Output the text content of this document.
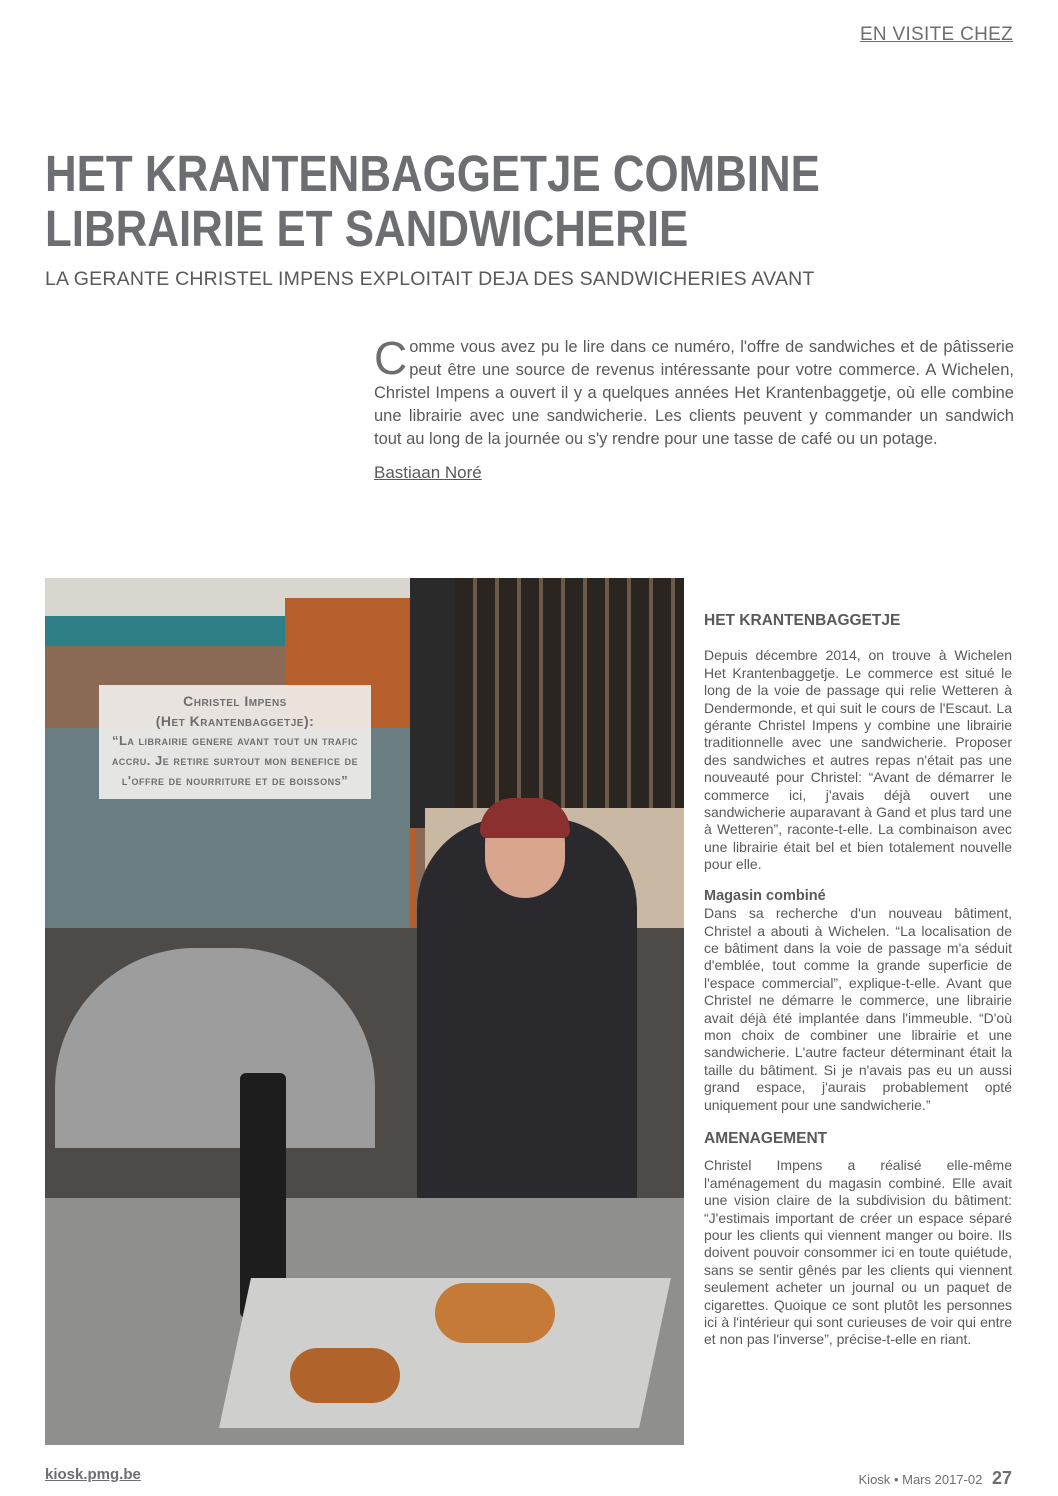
EN VISITE CHEZ
HET KRANTENBAGGETJE COMBINE
LIBRAIRIE ET SANDWICHERIE
LA GERANTE CHRISTEL IMPENS EXPLOITAIT DEJA DES SANDWICHERIES AVANT
Comme vous avez pu le lire dans ce numéro, l'offre de sandwiches et de pâtisserie peut être une source de revenus intéressante pour votre commerce. A Wichelen, Christel Impens a ouvert il y a quelques années Het Krantenbaggetje, où elle combine une librairie avec une sandwicherie. Les clients peuvent y commander un sandwich tout au long de la journée ou s'y rendre pour une tasse de café ou un potage.
Bastiaan Noré
Christel Impens
(Het Krantenbaggetje):
“La librairie genere avant tout un trafic accru. Je retire surtout mon benefice de l'offre de nourriture et de boissons”
HET KRANTENBAGGETJE

Depuis décembre 2014, on trouve à Wichelen Het Krantenbaggetje. Le commerce est situé le long de la voie de passage qui relie Wetteren à Dendermonde, et qui suit le cours de l'Escaut. La gérante Christel Impens y combine une librairie traditionnelle avec une sandwicherie. Proposer des sandwiches et autres repas n'était pas une nouveauté pour Christel: “Avant de démarrer le commerce ici, j'avais déjà ouvert une sandwicherie auparavant à Gand et plus tard une à Wetteren”, raconte-t-elle. La combinaison avec une librairie était bel et bien totalement nouvelle pour elle.

Magasin combiné

Dans sa recherche d'un nouveau bâtiment, Christel a abouti à Wichelen. “La localisation de ce bâtiment dans la voie de passage m'a séduit d'emblée, tout comme la grande superficie de l'espace commercial”, explique-t-elle. Avant que Christel ne démarre le commerce, une librairie avait déjà été implantée dans l'immeuble. “D'où mon choix de combiner une librairie et une sandwicherie. L'autre facteur déterminant était la taille du bâtiment. Si je n'avais pas eu un aussi grand espace, j'aurais probablement opté uniquement pour une sandwicherie.”

AMENAGEMENT

Christel Impens a réalisé elle-même l'aménagement du magasin combiné. Elle avait une vision claire de la subdivision du bâtiment: “J'estimais important de créer un espace séparé pour les clients qui viennent manger ou boire. Ils doivent pouvoir consommer ici en toute quiétude, sans se sentir gênés par les clients qui viennent seulement acheter un journal ou un paquet de cigarettes. Quoique ce sont plutôt les personnes ici à l'intérieur qui sont curieuses de voir qui entre et non pas l'inverse”, précise-t-elle en riant.

kiosk.pmg.be	Kiosk • Mars 2017-02 27
